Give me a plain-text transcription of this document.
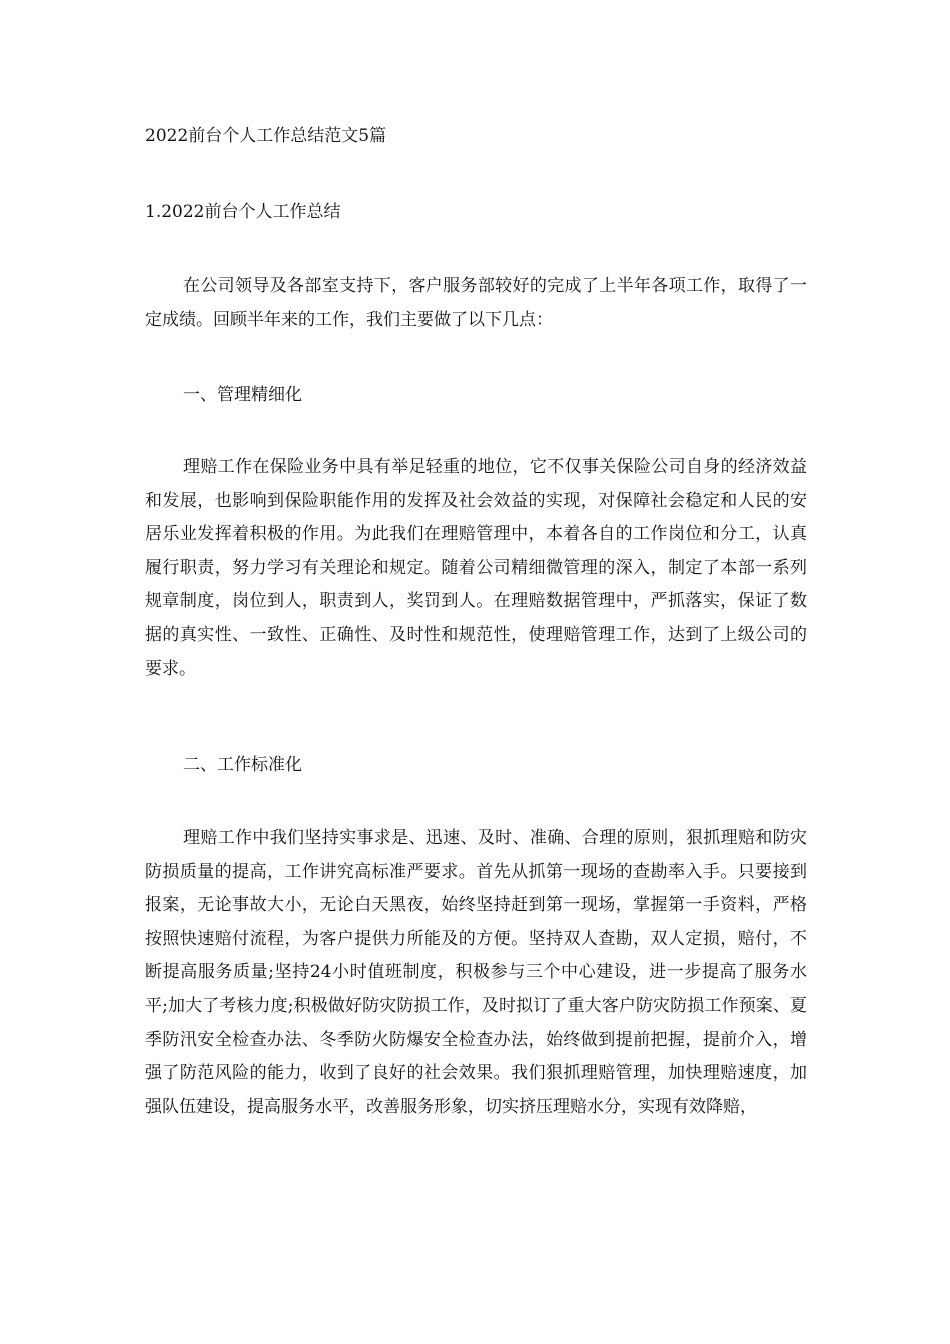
2022前台个人工作总结范文5篇
1.2022前台个人工作总结

在公司领导及各部室支持下，客户服务部较好的完成了上半年各项工作，取得了一定成绩。回顾半年来的工作，我们主要做了以下几点：

一、管理精细化

理赔工作在保险业务中具有举足轻重的地位，它不仅事关保险公司自身的经济效益和发展，也影响到保险职能作用的发挥及社会效益的实现，对保障社会稳定和人民的安居乐业发挥着积极的作用。为此我们在理赔管理中，本着各自的工作岗位和分工，认真履行职责，努力学习有关理论和规定。随着公司精细微管理的深入，制定了本部一系列规章制度，岗位到人，职责到人，奖罚到人。在理赔数据管理中，严抓落实，保证了数据的真实性、一致性、正确性、及时性和规范性，使理赔管理工作，达到了上级公司的要求。

二、工作标准化

理赔工作中我们坚持实事求是、迅速、及时、准确、合理的原则，狠抓理赔和防灾防损质量的提高，工作讲究高标准严要求。首先从抓第一现场的查勘率入手。只要接到报案，无论事故大小，无论白天黑夜，始终坚持赶到第一现场，掌握第一手资料，严格按照快速赔付流程，为客户提供力所能及的方便。坚持双人查勘，双人定损，赔付，不断提高服务质量;坚持24小时值班制度，积极参与三个中心建设，进一步提高了服务水平;加大了考核力度;积极做好防灾防损工作，及时拟订了重大客户防灾防损工作预案、夏季防汛安全检查办法、冬季防火防爆安全检查办法，始终做到提前把握，提前介入，增强了防范风险的能力，收到了良好的社会效果。我们狠抓理赔管理，加快理赔速度，加强队伍建设，提高服务水平，改善服务形象，切实挤压理赔水分，实现有效降赔，
